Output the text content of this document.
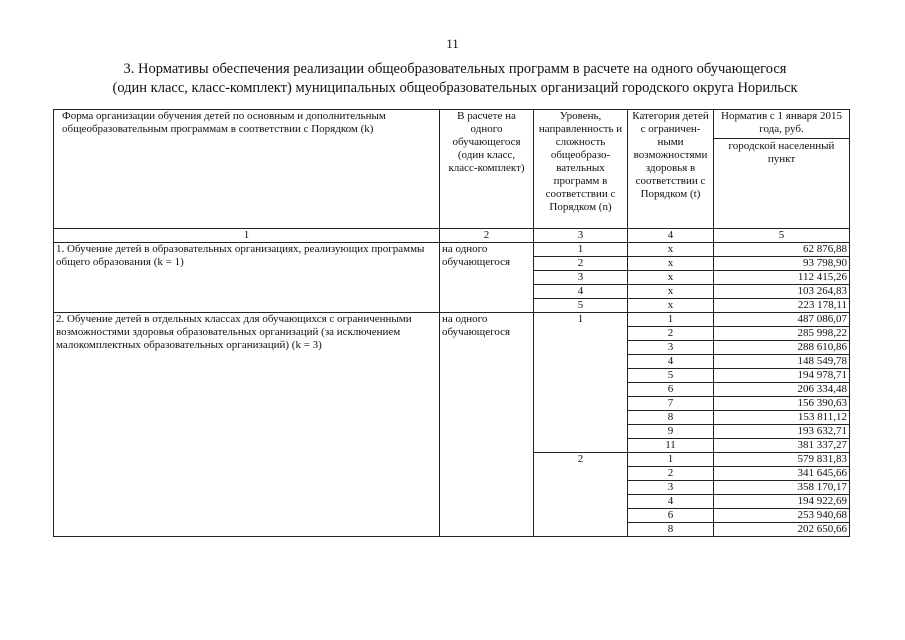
11
3. Нормативы обеспечения реализации общеобразовательных программ в расчете на одного обучающегося
(один класс, класс-комплект) муниципальных общеобразовательных организаций городского округа Норильск
Форма организации обучения детей по основным и дополнительным общеобразовательным программам в соответствии с Порядком (k)	В расчете на одного обучающегося (один класс, класс-комплект)	Уровень, направленность и сложность общеобразо-вательных программ в соответствии с Порядком (n)	Категория детей с ограничен-ными возможностями здоровья в соответствии с Порядком (t)	Норматив с 1 января 2015 года, руб.
городской населенный пункт

1	2	3	4	5
1. Обучение детей в образовательных организациях, реализующих программы общего образования (k = 1)	на одного обучающегося	1	х	62 876,88
		2	х	93 798,90
		3	х	112 415,26
		4	х	103 264,83
		5	х	223 178,11
2. Обучение детей в отдельных классах для обучающихся с ограниченными возможностями здоровья образовательных организаций (за исключением малокомплектных образовательных организаций) (k = 3)	на одного обучающегося	1	1	487 086,07
			2	285 998,22
			3	288 610,86
			4	148 549,78
			5	194 978,71
			6	206 334,48
			7	156 390,63
			8	153 811,12
			9	193 632,71
			11	381 337,27
		2	1	579 831,83
			2	341 645,66
			3	358 170,17
			4	194 922,69
			6	253 940,68
			8	202 650,66
